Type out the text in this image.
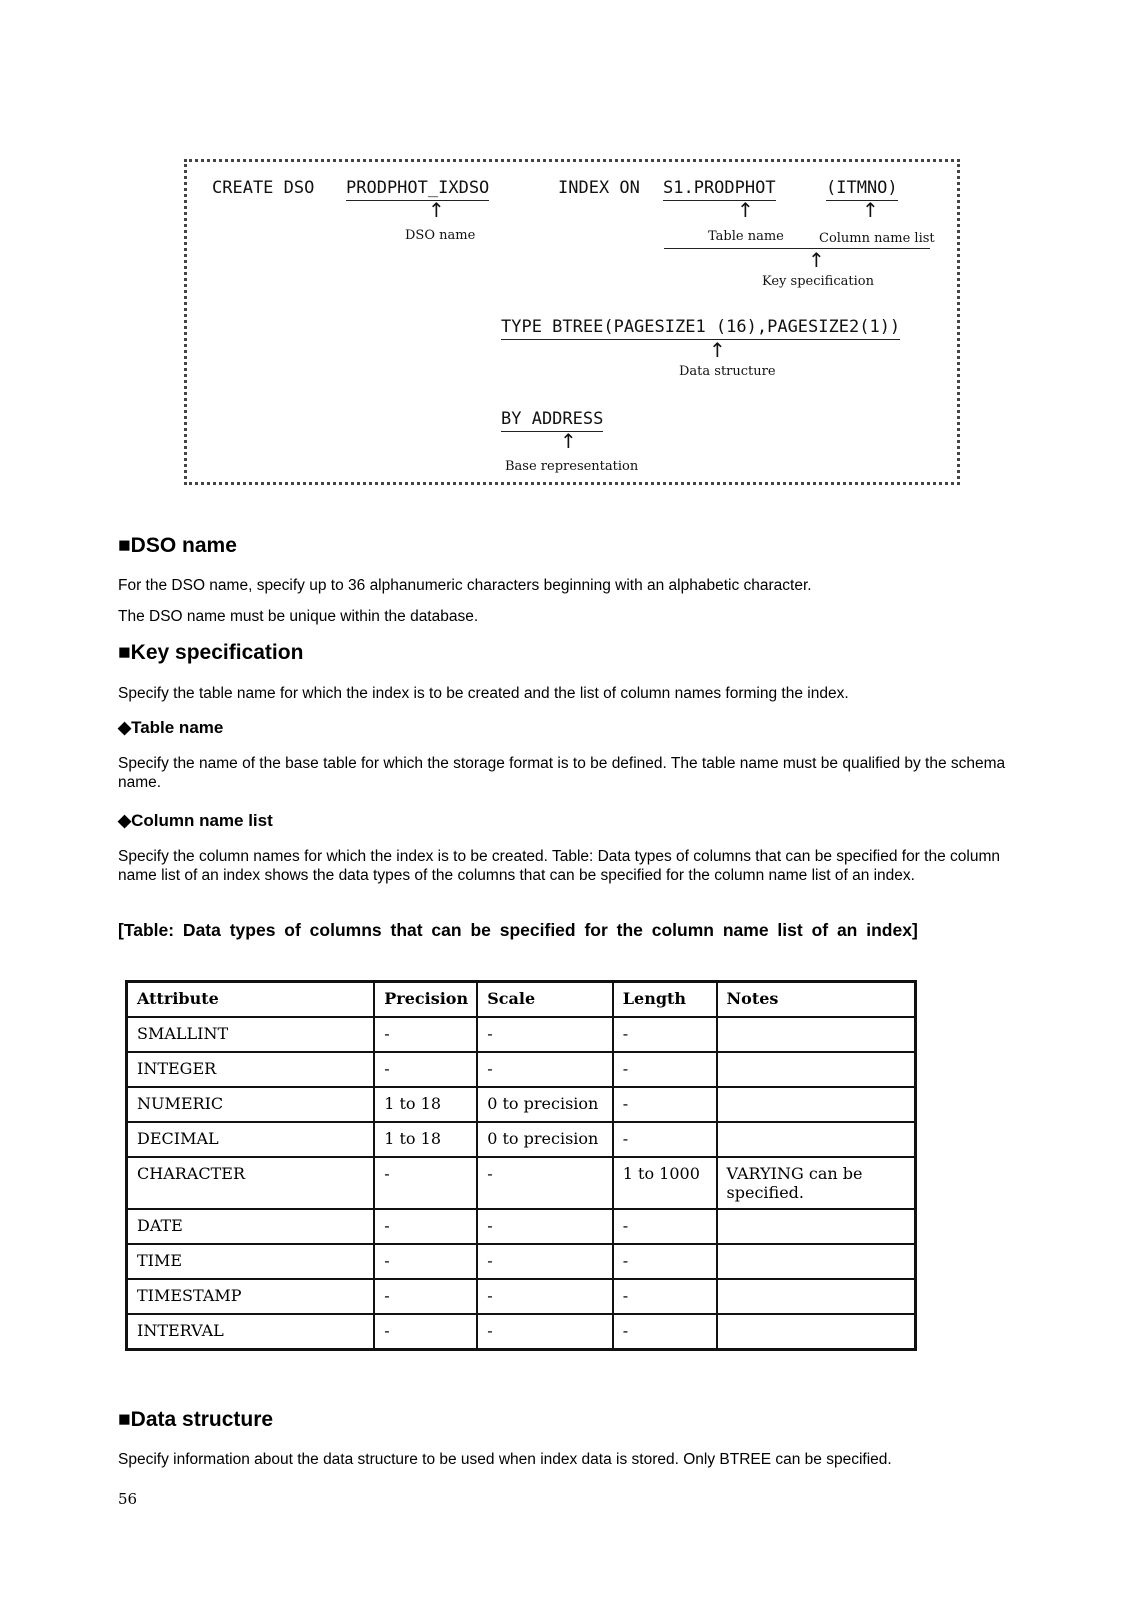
CREATE DSO PRODPHOT_IXDSO	INDEX ON S1.PRODPHOT	(ITMNO)
↑
DSO name
↑
Table name
↑
Column name list
↑
Key specification
TYPE BTREE(PAGESIZE1 (16),PAGESIZE2(1))
↑
Data structure
BY ADDRESS
↑
Base representation
■DSO name
For the DSO name, specify up to 36 alphanumeric characters beginning with an alphabetic character.
The DSO name must be unique within the database.
■Key specification
Specify the table name for which the index is to be created and the list of column names forming the index.
◆Table name
Specify the name of the base table for which the storage format is to be defined. The table name must be qualified by the schema name.
◆Column name list
Specify the column names for which the index is to be created. Table: Data types of columns that can be specified for the column name list of an index shows the data types of the columns that can be specified for the column name list of an index.
[Table: Data types of columns that can be specified for the column name list of an index]
Attribute	Precision	Scale	Length	Notes
SMALLINT	-	-	-	
INTEGER	-	-	-	
NUMERIC	1 to 18	0 to precision	-	
DECIMAL	1 to 18	0 to precision	-	
CHARACTER	-	-	1 to 1000	VARYING can be specified.
DATE	-	-	-	
TIME	-	-	-	
TIMESTAMP	-	-	-	
INTERVAL	-	-	-	
■Data structure
Specify information about the data structure to be used when index data is stored. Only BTREE can be specified.
56
